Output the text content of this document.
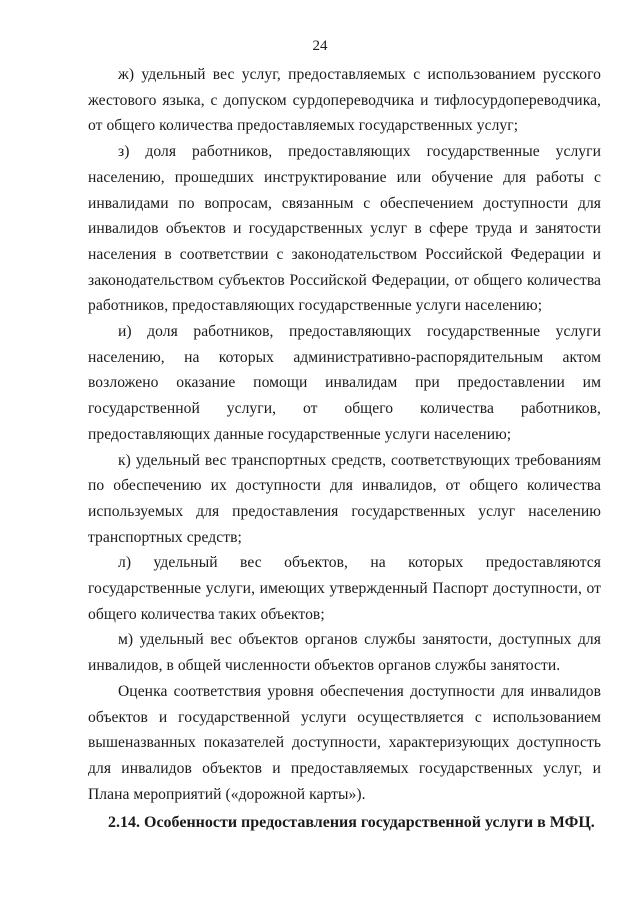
24

ж) удельный вес услуг, предоставляемых с использованием русского жестового языка, с допуском сурдопереводчика и тифлосурдопереводчика, от общего количества предоставляемых государственных услуг;

з) доля работников, предоставляющих государственные услуги населению, прошедших инструктирование или обучение для работы с инвалидами по вопросам, связанным с обеспечением доступности для инвалидов объектов и государственных услуг в сфере труда и занятости населения в соответствии с законодательством Российской Федерации и законодательством субъектов Российской Федерации, от общего количества работников, предоставляющих государственные услуги населению;

и) доля работников, предоставляющих государственные услуги населению, на которых административно-распорядительным актом возложено оказание помощи инвалидам при предоставлении им государственной услуги, от общего количества работников, предоставляющих данные государственные услуги населению;

к) удельный вес транспортных средств, соответствующих требованиям по обеспечению их доступности для инвалидов, от общего количества используемых для предоставления государственных услуг населению транспортных средств;

л) удельный вес объектов, на которых предоставляются государственные услуги, имеющих утвержденный Паспорт доступности, от общего количества таких объектов;

м) удельный вес объектов органов службы занятости, доступных для инвалидов, в общей численности объектов органов службы занятости.

Оценка соответствия уровня обеспечения доступности для инвалидов объектов и государственной услуги осуществляется с использованием вышеназванных показателей доступности, характеризующих доступность для инвалидов объектов и предоставляемых государственных услуг, и Плана мероприятий («дорожной карты»).

2.14. Особенности предоставления государственной услуги в МФЦ.
